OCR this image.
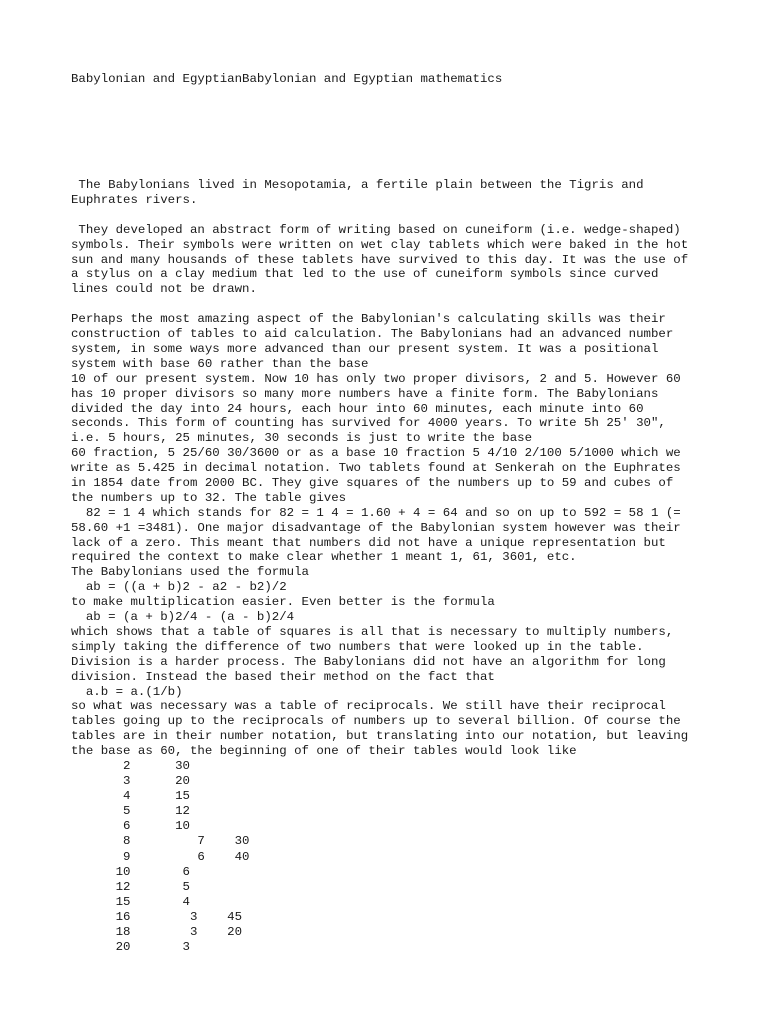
Babylonian and EgyptianBabylonian and Egyptian mathematics
The Babylonians lived in Mesopotamia, a fertile plain between the Tigris and
Euphrates rivers.
They developed an abstract form of writing based on cuneiform (i.e. wedge-shaped)
symbols. Their symbols were written on wet clay tablets which were baked in the hot
sun and many housands of these tablets have survived to this day. It was the use of
a stylus on a clay medium that led to the use of cuneiform symbols since curved
lines could not be drawn.
Perhaps the most amazing aspect of the Babylonian's calculating skills was their
construction of tables to aid calculation. The Babylonians had an advanced number
system, in some ways more advanced than our present system. It was a positional
system with base 60 rather than the base
10 of our present system. Now 10 has only two proper divisors, 2 and 5. However 60
has 10 proper divisors so many more numbers have a finite form. The Babylonians
divided the day into 24 hours, each hour into 60 minutes, each minute into 60
seconds. This form of counting has survived for 4000 years. To write 5h 25' 30",
i.e. 5 hours, 25 minutes, 30 seconds is just to write the base
60 fraction, 5 25/60 30/3600 or as a base 10 fraction 5 4/10 2/100 5/1000 which we
write as 5.425 in decimal notation. Two tablets found at Senkerah on the Euphrates
in 1854 date from 2000 BC. They give squares of the numbers up to 59 and cubes of
the numbers up to 32. The table gives
82 = 1 4 which stands for 82 = 1 4 = 1.60 + 4 = 64 and so on up to 592 = 58 1 (=
58.60 +1 =3481). One major disadvantage of the Babylonian system however was their
lack of a zero. This meant that numbers did not have a unique representation but
required the context to make clear whether 1 meant 1, 61, 3601, etc.
The Babylonians used the formula
ab = ((a + b)2 - a2 - b2)/2
to make multiplication easier. Even better is the formula
ab = (a + b)2/4 - (a - b)2/4
which shows that a table of squares is all that is necessary to multiply numbers,
simply taking the difference of two numbers that were looked up in the table.
Division is a harder process. The Babylonians did not have an algorithm for long
division. Instead the based their method on the fact that
a.b = a.(1/b)
so what was necessary was a table of reciprocals. We still have their reciprocal
tables going up to the reciprocals of numbers up to several billion. Of course the
tables are in their number notation, but translating into our notation, but leaving
the base as 60, the beginning of one of their tables would look like
2      30
3      20
4      15
5      12
6      10
8         7    30
9         6    40
10       6
12       5
15       4
16        3    45
18        3    20
20       3
